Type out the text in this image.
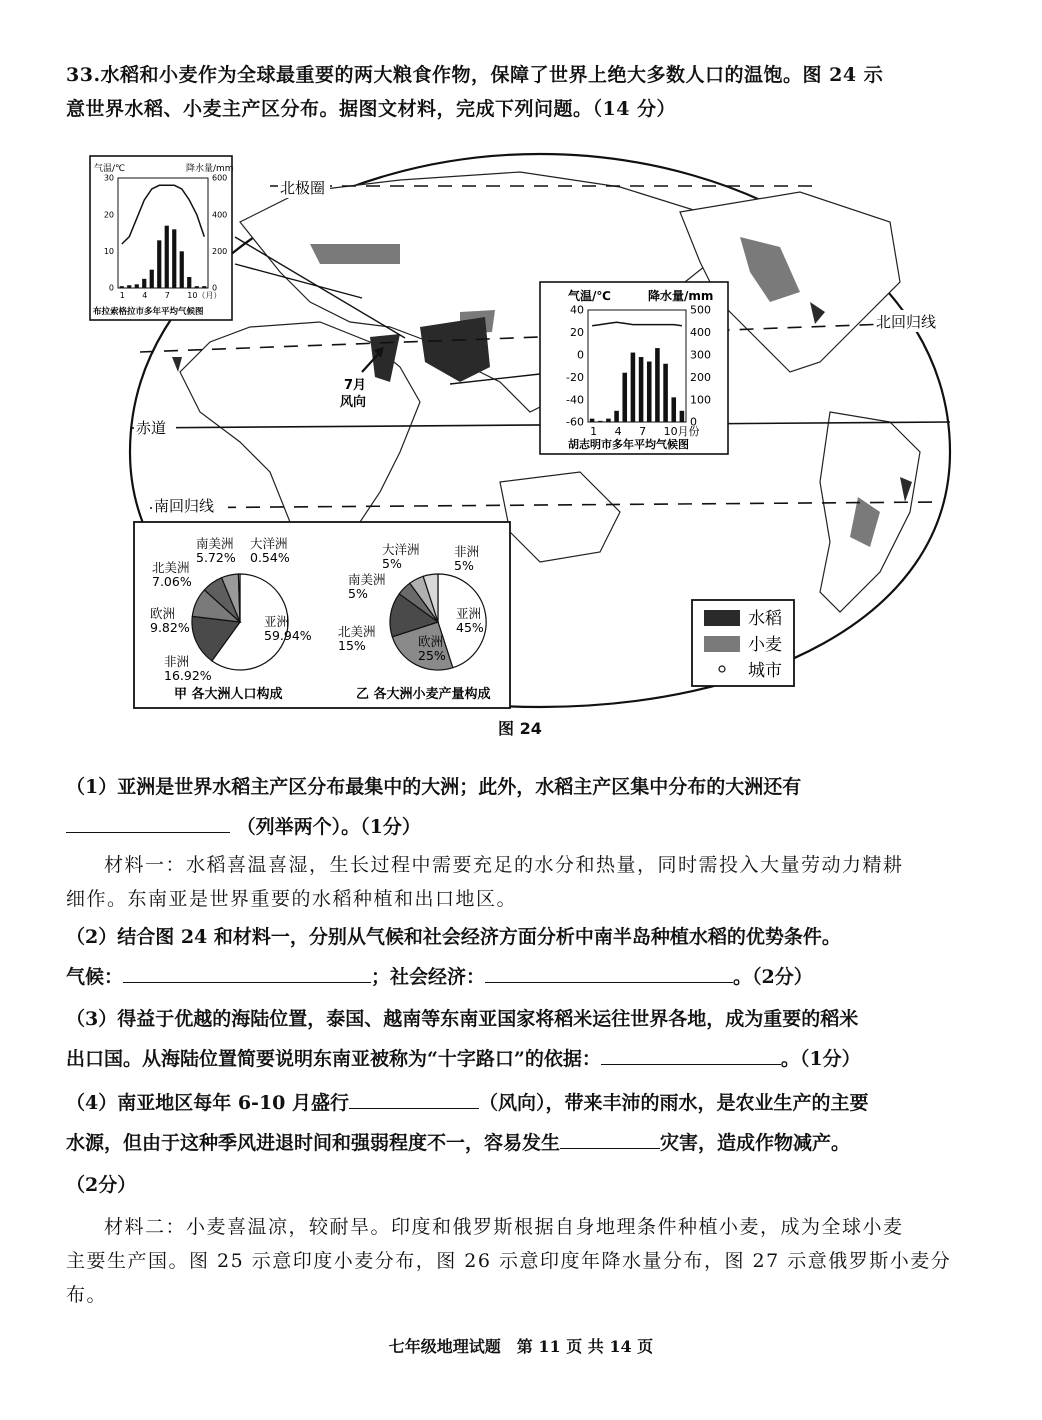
33.水稻和小麦作为全球最重要的两大粮食作物，保障了世界上绝大多数人口的温饱。图 24 示
意世界水稻、小麦主产区分布。据图文材料，完成下列问题。（14 分）
北极圈
北回归线
赤道
南回归线
7月
风向
气温/℃	降水量/mm
30
20
10
0
600
400
200
0
1 4 7 10（月）
布拉索格拉市多年平均气候图
气温/℃	降水量/mm
40
20
0
-20
-40
-60
500
400
300
200
100
0
1 4 7 10月份
胡志明市多年平均气候图
亚洲
59.94%
非洲
16.92%
欧洲
9.82%
北美洲
7.06%
南美洲
5.72%
大洋洲
0.54%
甲 各大洲人口构成
亚洲
45%
欧洲
25%
北美洲
15%
南美洲
5%
大洋洲
5%
非洲
5%
乙 各大洲小麦产量构成
水稻
小麦
城市
图 24
（1）亚洲是世界水稻主产区分布最集中的大洲；此外，水稻主产区集中分布的大洲还有
（列举两个）。（1分）
材料一：水稻喜温喜湿，生长过程中需要充足的水分和热量，同时需投入大量劳动力精耕
细作。东南亚是世界重要的水稻种植和出口地区。
（2）结合图 24 和材料一，分别从气候和社会经济方面分析中南半岛种植水稻的优势条件。
气候：	；社会经济：	。（2分）
（3）得益于优越的海陆位置，泰国、越南等东南亚国家将稻米运往世界各地，成为重要的稻米
出口国。从海陆位置简要说明东南亚被称为“十字路口”的依据：	。（1分）
（4）南亚地区每年 6-10 月盛行	（风向），带来丰沛的雨水，是农业生产的主要
水源，但由于这种季风进退时间和强弱程度不一，容易发生	灾害，造成作物减产。
（2分）
材料二：小麦喜温凉，较耐旱。印度和俄罗斯根据自身地理条件种植小麦，成为全球小麦
主要生产国。图 25 示意印度小麦分布，图 26 示意印度年降水量分布，图 27 示意俄罗斯小麦分
布。
七年级地理试题　第 11 页 共 14 页
